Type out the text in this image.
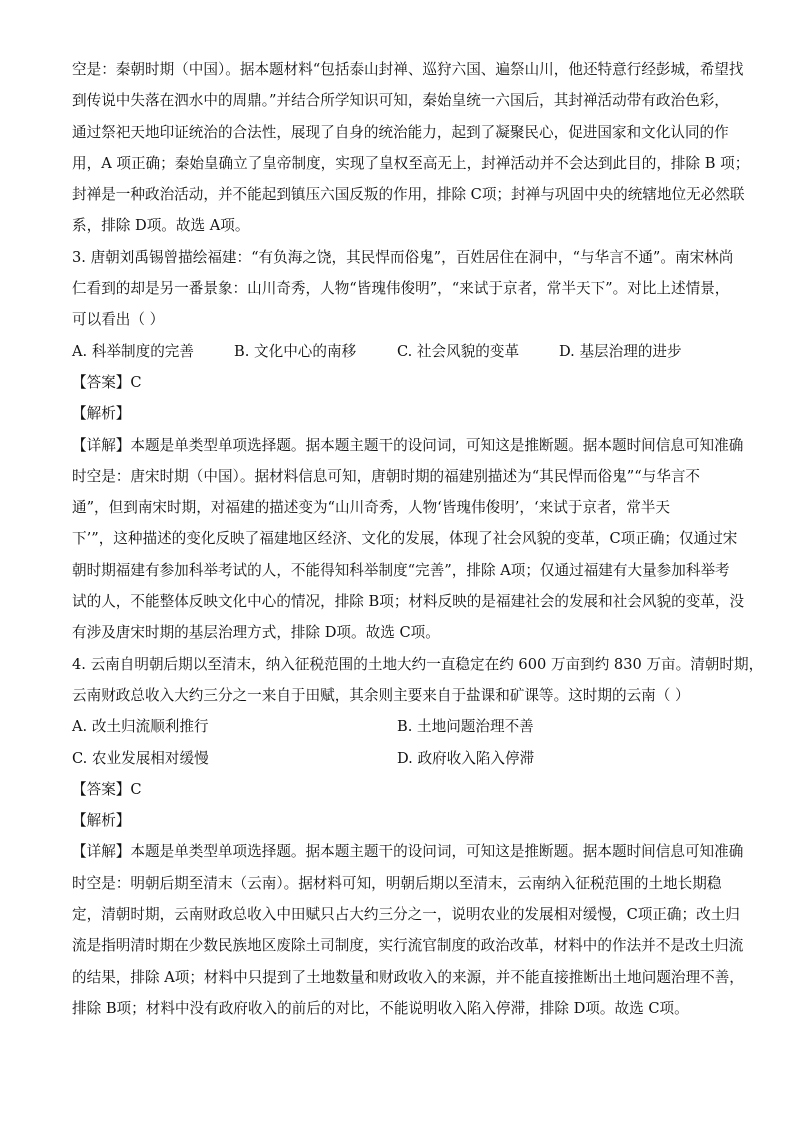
空是：秦朝时期（中国）。据本题材料“包括泰山封禅、巡狩六国、遍祭山川，他还特意行经彭城，希望找
到传说中失落在泗水中的周鼎。”并结合所学知识可知，秦始皇统一六国后，其封禅活动带有政治色彩，
通过祭祀天地印证统治的合法性，展现了自身的统治能力，起到了凝聚民心，促进国家和文化认同的作
用，A 项正确；秦始皇确立了皇帝制度，实现了皇权至高无上，封禅活动并不会达到此目的，排除 B 项；
封禅是一种政治活动，并不能起到镇压六国反叛的作用，排除 C项；封禅与巩固中央的统辖地位无必然联
系，排除 D项。故选 A项。
3. 唐朝刘禹锡曾描绘福建：“有负海之饶，其民悍而俗鬼”，百姓居住在洞中，“与华言不通”。南宋林尚
仁看到的却是另一番景象：山川奇秀，人物“皆瑰伟俊明”，“来试于京者，常半天下”。对比上述情景，
可以看出（ ）
A. 科举制度的完善	B. 文化中心的南移	C. 社会风貌的变革	D. 基层治理的进步

【答案】C

【解析】

【详解】本题是单类型单项选择题。据本题主题干的设问词，可知这是推断题。据本题时间信息可知准确
时空是：唐宋时期（中国）。据材料信息可知，唐朝时期的福建别描述为“其民悍而俗鬼”“与华言不
通”，但到南宋时期，对福建的描述变为“山川奇秀，人物‘皆瑰伟俊明’，‘来试于京者，常半天
下’”，这种描述的变化反映了福建地区经济、文化的发展，体现了社会风貌的变革，C项正确；仅通过宋
朝时期福建有参加科举考试的人，不能得知科举制度“完善”，排除 A项；仅通过福建有大量参加科举考
试的人，不能整体反映文化中心的情况，排除 B项；材料反映的是福建社会的发展和社会风貌的变革，没
有涉及唐宋时期的基层治理方式，排除 D项。故选 C项。
4. 云南自明朝后期以至清末，纳入征税范围的土地大约一直稳定在约 600 万亩到约 830 万亩。清朝时期，
云南财政总收入大约三分之一来自于田赋，其余则主要来自于盐课和矿课等。这时期的云南（ ）
A. 改土归流顺利推行	B. 土地问题治理不善
C. 农业发展相对缓慢	D. 政府收入陷入停滞

【答案】C

【解析】

【详解】本题是单类型单项选择题。据本题主题干的设问词，可知这是推断题。据本题时间信息可知准确
时空是：明朝后期至清末（云南）。据材料可知，明朝后期以至清末，云南纳入征税范围的土地长期稳
定，清朝时期，云南财政总收入中田赋只占大约三分之一，说明农业的发展相对缓慢，C项正确；改土归
流是指明清时期在少数民族地区废除土司制度，实行流官制度的政治改革，材料中的作法并不是改土归流
的结果，排除 A项；材料中只提到了土地数量和财政收入的来源，并不能直接推断出土地问题治理不善，
排除 B项；材料中没有政府收入的前后的对比，不能说明收入陷入停滞，排除 D项。故选 C项。
